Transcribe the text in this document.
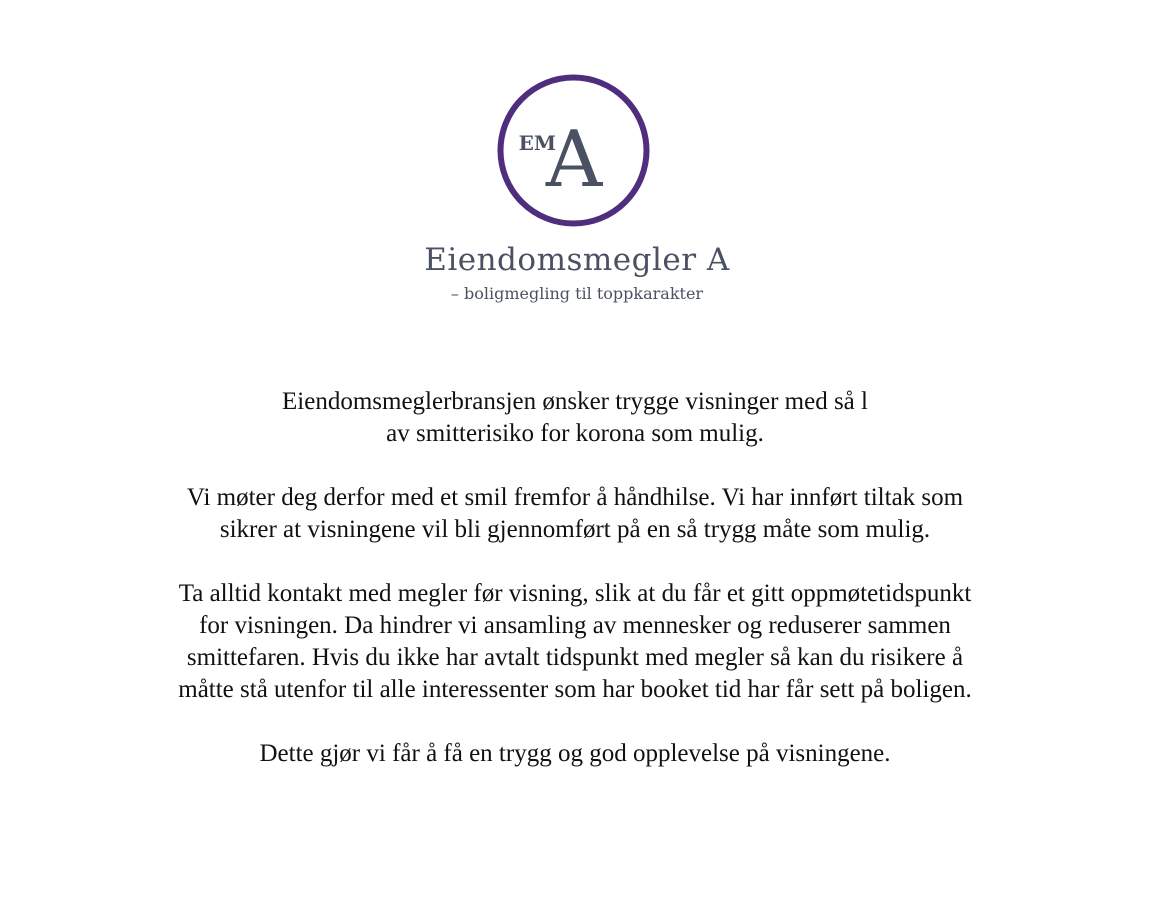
EM
A
Eiendomsmegler A
– boligmegling til toppkarakter

Eiendomsmeglerbransjen ønsker trygge visninger med så l
av smitterisiko for korona som mulig.

Vi møter deg derfor med et smil fremfor å håndhilse. Vi har innført tiltak som
sikrer at visningene vil bli gjennomført på en så trygg måte som mulig.

Ta alltid kontakt med megler før visning, slik at du får et gitt oppmøtetidspunkt
for visningen. Da hindrer vi ansamling av mennesker og reduserer sammen
smittefaren. Hvis du ikke har avtalt tidspunkt med megler så kan du risikere å
måtte stå utenfor til alle interessenter som har booket tid har får sett på boligen.

Dette gjør vi får å få en trygg og god opplevelse på visningene.
